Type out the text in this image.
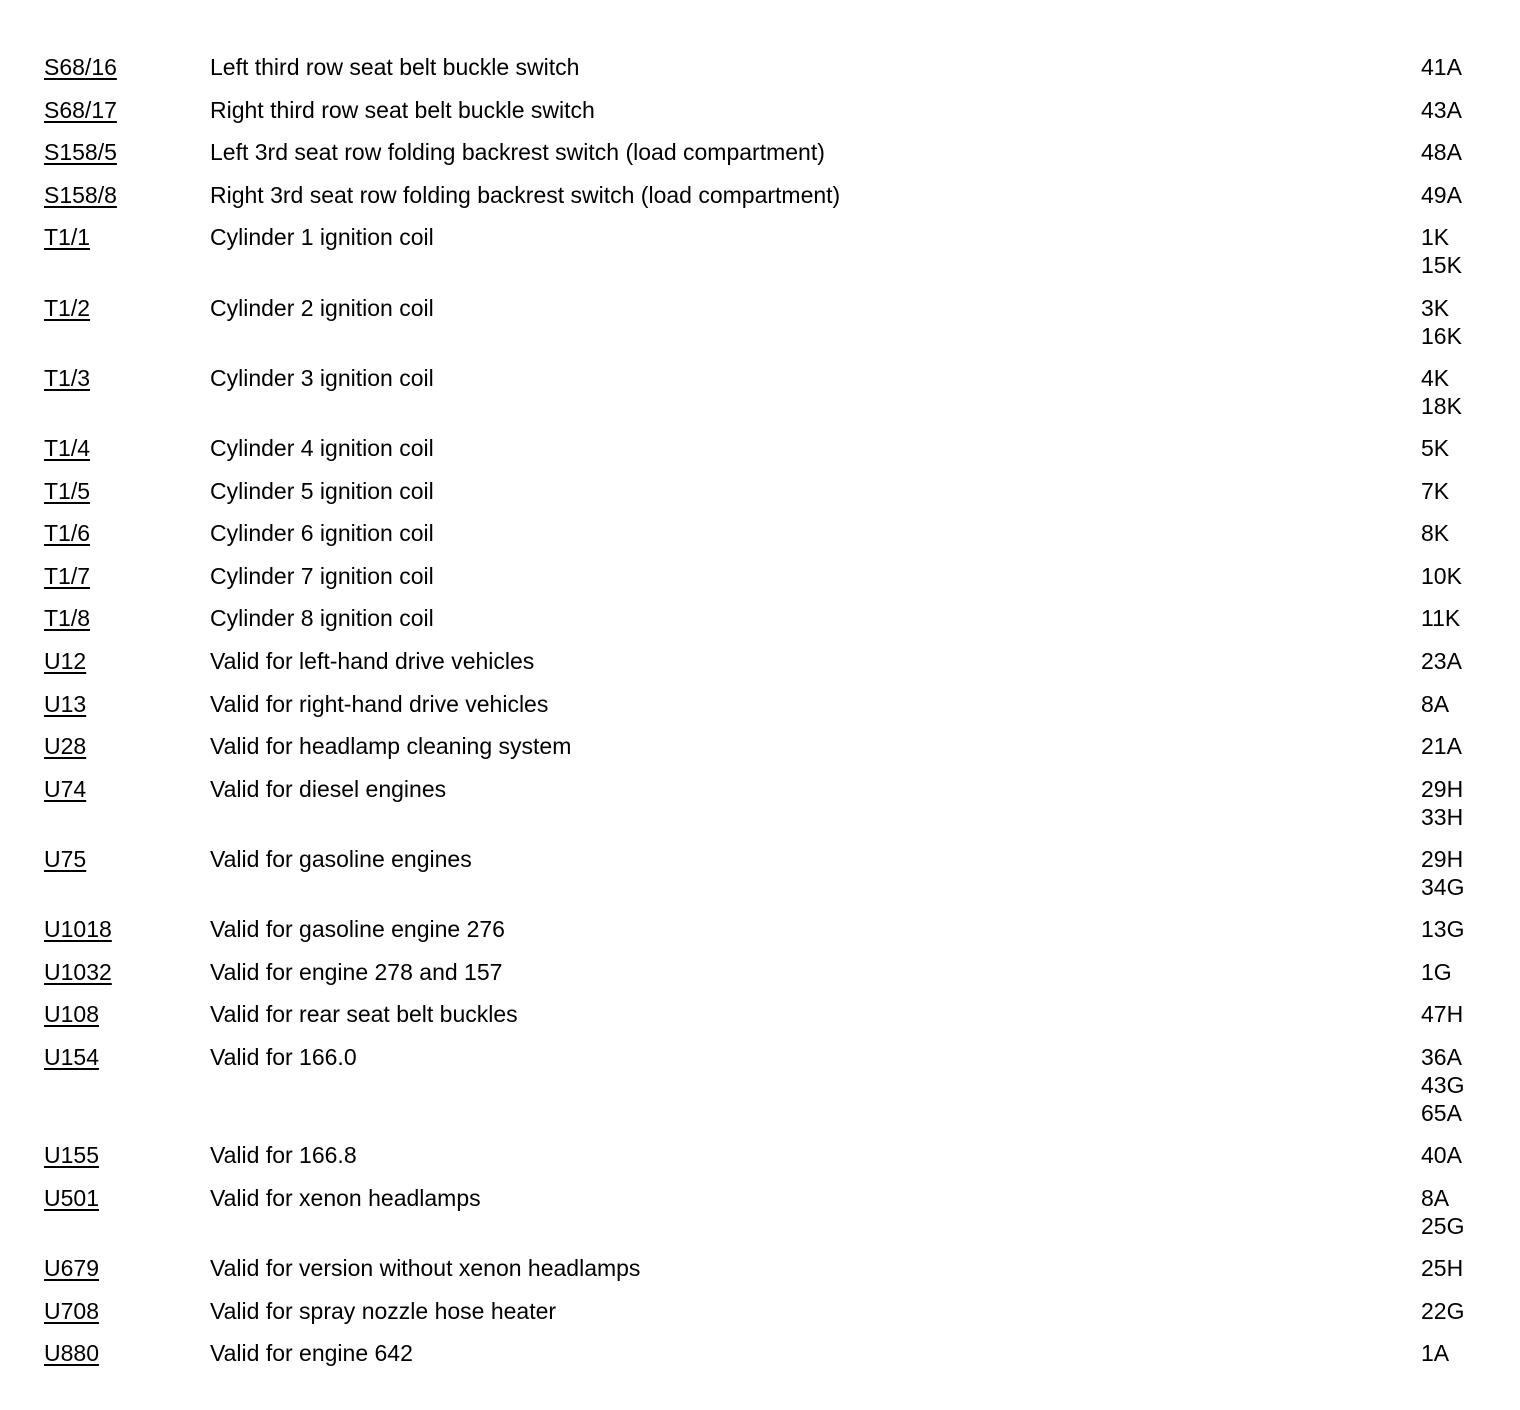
S68/16	Left third row seat belt buckle switch	41A
S68/17	Right third row seat belt buckle switch	43A
S158/5	Left 3rd seat row folding backrest switch (load compartment)	48A
S158/8	Right 3rd seat row folding backrest switch (load compartment)	49A
T1/1	Cylinder 1 ignition coil	1K
15K
T1/2	Cylinder 2 ignition coil	3K
16K
T1/3	Cylinder 3 ignition coil	4K
18K
T1/4	Cylinder 4 ignition coil	5K
T1/5	Cylinder 5 ignition coil	7K
T1/6	Cylinder 6 ignition coil	8K
T1/7	Cylinder 7 ignition coil	10K
T1/8	Cylinder 8 ignition coil	11K
U12	Valid for left-hand drive vehicles	23A
U13	Valid for right-hand drive vehicles	8A
U28	Valid for headlamp cleaning system	21A
U74	Valid for diesel engines	29H
33H
U75	Valid for gasoline engines	29H
34G
U1018	Valid for gasoline engine 276	13G
U1032	Valid for engine 278 and 157	1G
U108	Valid for rear seat belt buckles	47H
U154	Valid for 166.0	36A
43G
65A
U155	Valid for 166.8	40A
U501	Valid for xenon headlamps	8A
25G
U679	Valid for version without xenon headlamps	25H
U708	Valid for spray nozzle hose heater	22G
U880	Valid for engine 642	1A
